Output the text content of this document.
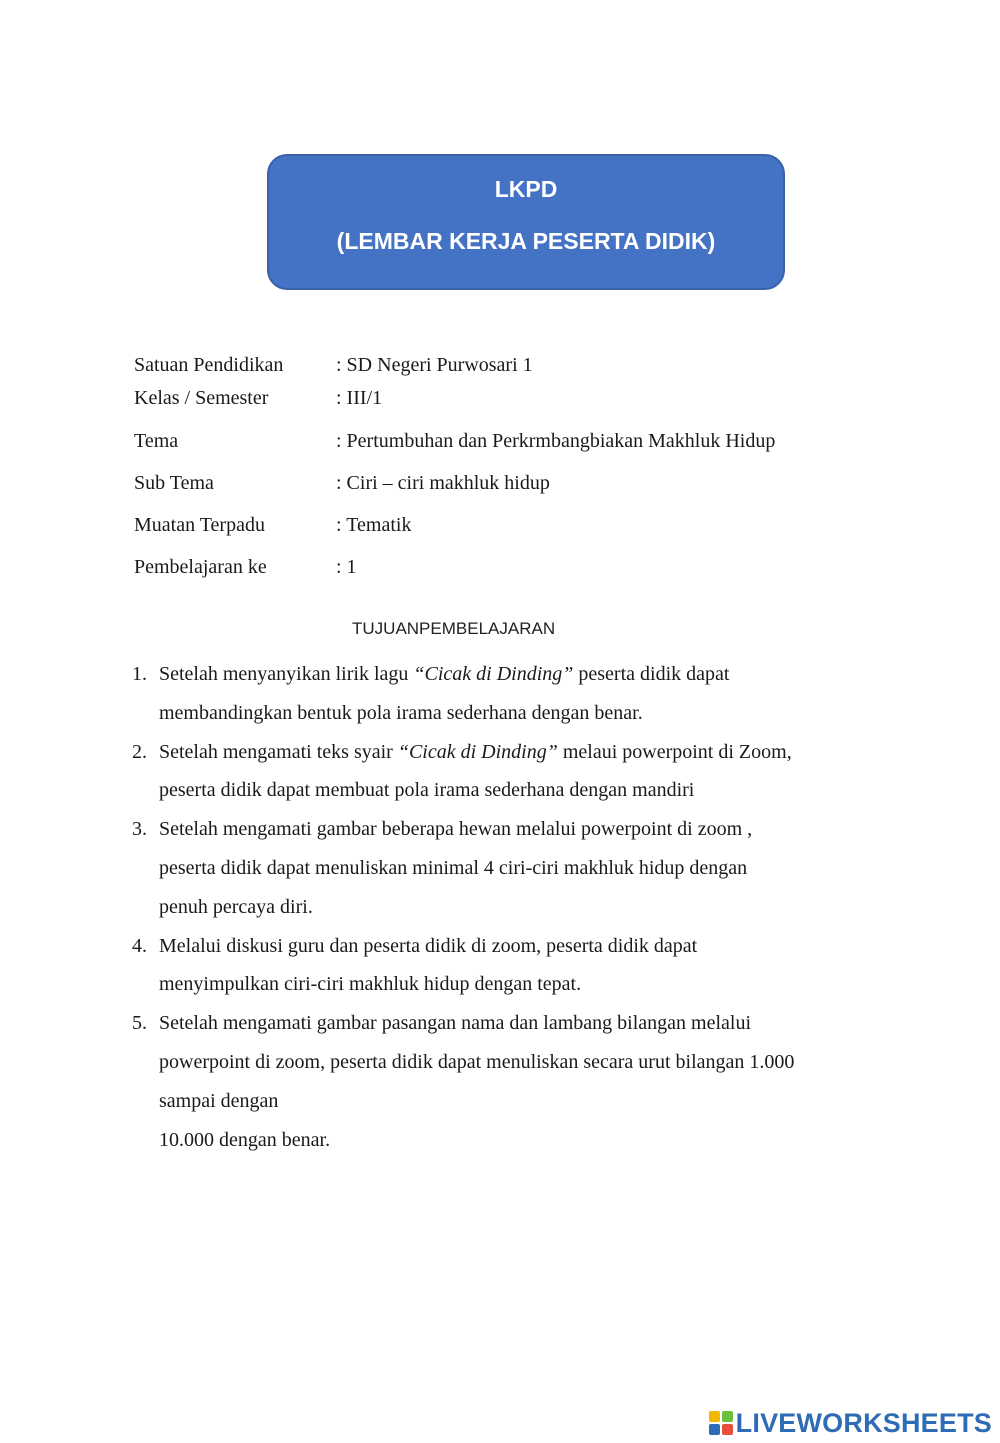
LKPD
(LEMBAR KERJA PESERTA DIDIK)
Satuan Pendidikan	: SD Negeri Purwosari 1
Kelas / Semester	: III/1
Tema	: Pertumbuhan dan Perkrmbangbiakan Makhluk Hidup
Sub Tema	: Ciri – ciri makhluk hidup
Muatan Terpadu	: Tematik
Pembelajaran ke	: 1
TUJUANPEMBELAJARAN
1. Setelah menyanyikan lirik lagu “Cicak di Dinding” peserta didik dapat
membandingkan bentuk pola irama sederhana dengan benar.
2. Setelah mengamati teks syair “Cicak di Dinding” melaui powerpoint di Zoom,
peserta didik dapat membuat pola irama sederhana dengan mandiri
3. Setelah mengamati gambar beberapa hewan melalui powerpoint di zoom ,
peserta didik dapat menuliskan minimal 4 ciri-ciri makhluk hidup dengan
penuh percaya diri.
4. Melalui diskusi guru dan peserta didik di zoom, peserta didik dapat
menyimpulkan ciri-ciri makhluk hidup dengan tepat.
5. Setelah mengamati gambar pasangan nama dan lambang bilangan melalui
powerpoint di zoom, peserta didik dapat menuliskan secara urut bilangan 1.000
sampai dengan
10.000 dengan benar.
LIVEWORKSHEETS
